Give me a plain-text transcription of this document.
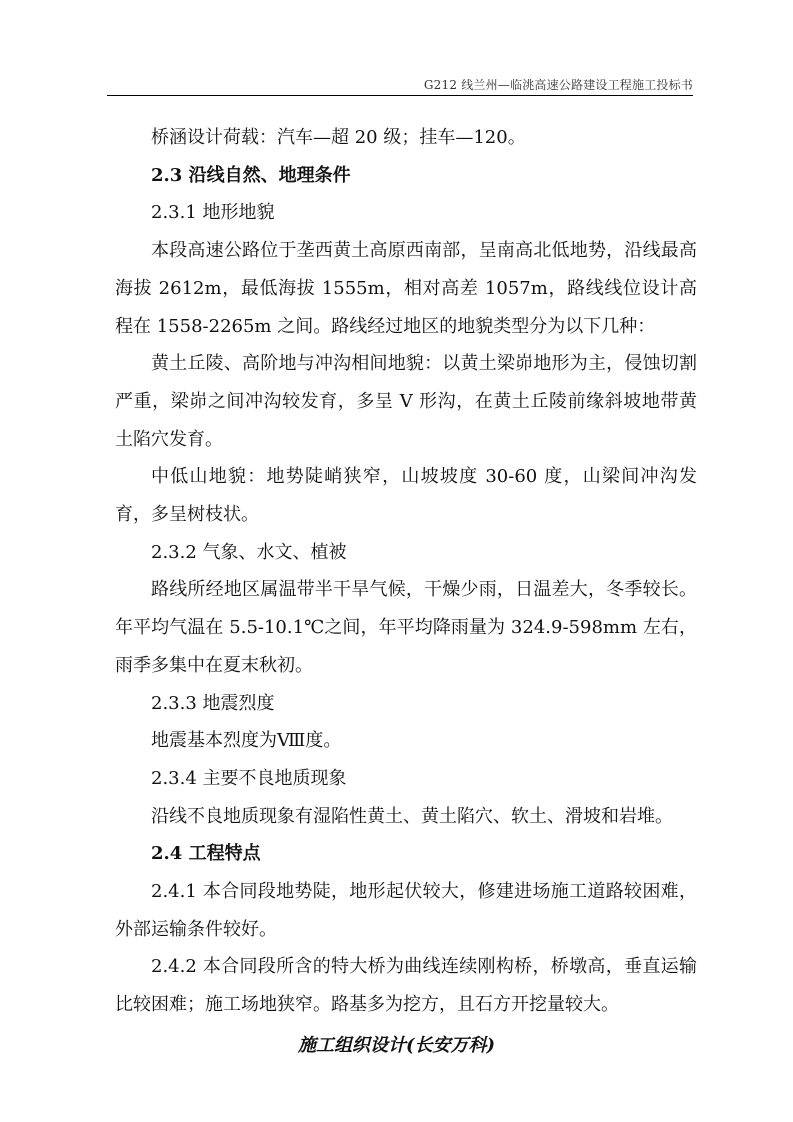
G212 线兰州—临洮高速公路建设工程施工投标书

桥涵设计荷载：汽车—超 20 级；挂车—120。

2.3 沿线自然、地理条件

2.3.1 地形地貌

本段高速公路位于垄西黄土高原西南部，呈南高北低地势，沿线最高海拔 2612m，最低海拔 1555m，相对高差 1057m，路线线位设计高程在 1558-2265m 之间。路线经过地区的地貌类型分为以下几种：

黄土丘陵、高阶地与冲沟相间地貌：以黄土梁峁地形为主，侵蚀切割严重，梁峁之间冲沟较发育，多呈 V 形沟，在黄土丘陵前缘斜坡地带黄土陷穴发育。

中低山地貌：地势陡峭狭窄，山坡坡度 30-60 度，山梁间冲沟发育，多呈树枝状。

2.3.2 气象、水文、植被

路线所经地区属温带半干旱气候，干燥少雨，日温差大，冬季较长。年平均气温在 5.5-10.1℃之间，年平均降雨量为 324.9-598mm 左右，雨季多集中在夏末秋初。

2.3.3 地震烈度

地震基本烈度为Ⅷ度。

2.3.4 主要不良地质现象

沿线不良地质现象有湿陷性黄土、黄土陷穴、软土、滑坡和岩堆。

2.4 工程特点

2.4.1 本合同段地势陡，地形起伏较大，修建进场施工道路较困难，外部运输条件较好。

2.4.2 本合同段所含的特大桥为曲线连续刚构桥，桥墩高，垂直运输比较困难；施工场地狭窄。路基多为挖方，且石方开挖量较大。

施工组织设计(长安万科)
